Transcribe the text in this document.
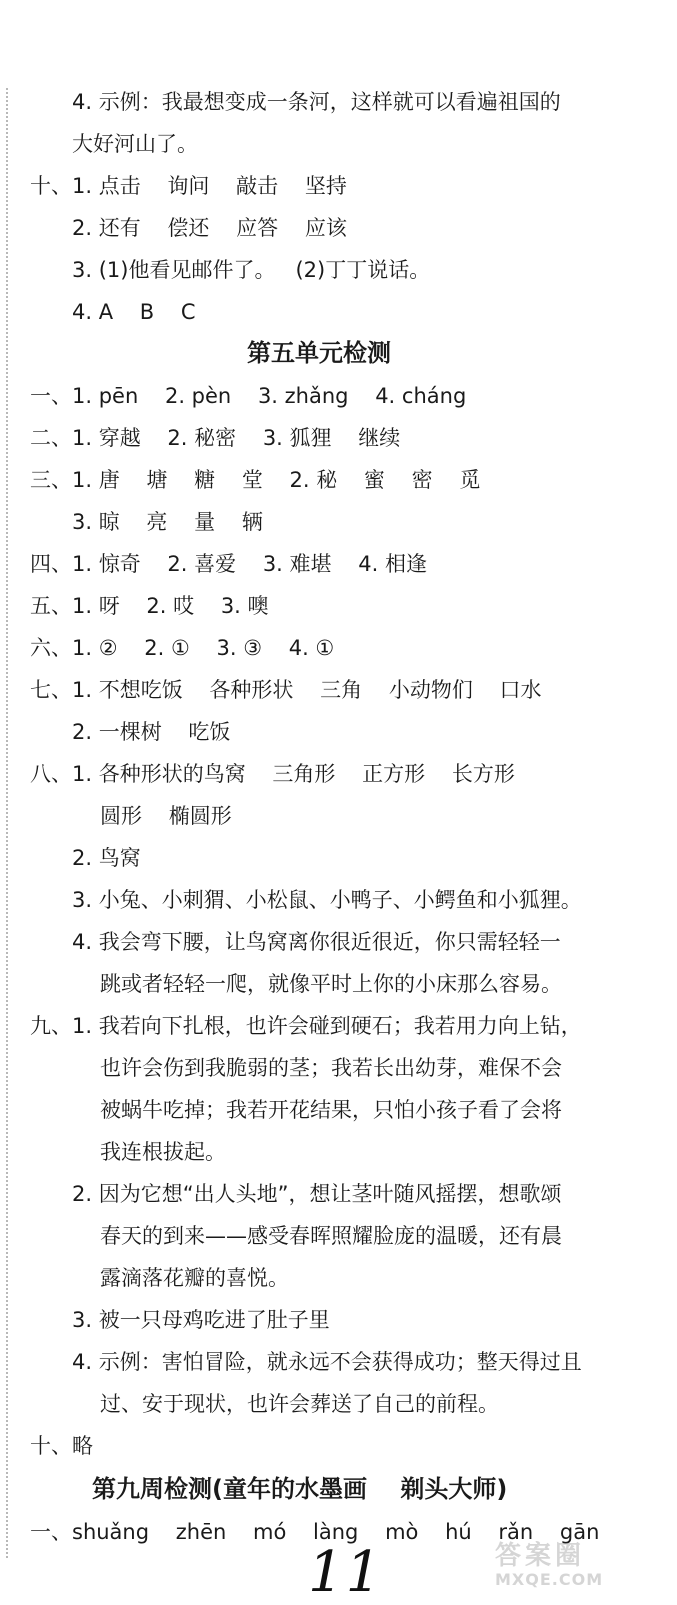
4. 示例：我最想变成一条河，这样就可以看遍祖国的
大好河山了。
十、1. 点击    询问    敲击    坚持
2. 还有    偿还    应答    应该
3. (1)他看见邮件了。   (2)丁丁说话。
4. A    B    C
第五单元检测
一、1. pēn    2. pèn    3. zhǎng    4. cháng
二、1. 穿越    2. 秘密    3. 狐狸    继续
三、1. 唐    塘    糖    堂    2. 秘    蜜    密    觅
3. 晾    亮    量    辆
四、1. 惊奇    2. 喜爱    3. 难堪    4. 相逢
五、1. 呀    2. 哎    3. 噢
六、1. ②    2. ①    3. ③    4. ①
七、1. 不想吃饭    各种形状    三角    小动物们    口水
2. 一棵树    吃饭
八、1. 各种形状的鸟窝    三角形    正方形    长方形
圆形    椭圆形
2. 鸟窝
3. 小兔、小刺猬、小松鼠、小鸭子、小鳄鱼和小狐狸。
4. 我会弯下腰，让鸟窝离你很近很近，你只需轻轻一
跳或者轻轻一爬，就像平时上你的小床那么容易。
九、1. 我若向下扎根，也许会碰到硬石；我若用力向上钻，
也许会伤到我脆弱的茎；我若长出幼芽，难保不会
被蜗牛吃掉；我若开花结果，只怕小孩子看了会将
我连根拔起。
2. 因为它想“出人头地”，想让茎叶随风摇摆，想歌颂
春天的到来——感受春晖照耀脸庞的温暖，还有晨
露滴落花瓣的喜悦。
3. 被一只母鸡吃进了肚子里
4. 示例：害怕冒险，就永远不会获得成功；整天得过且
过、安于现状，也许会葬送了自己的前程。
十、略
第九周检测(童年的水墨画    剃头大师)
一、shuǎng    zhēn    mó    làng    mò    hú    rǎn    gān
11	答案圈
MXQE.COM
